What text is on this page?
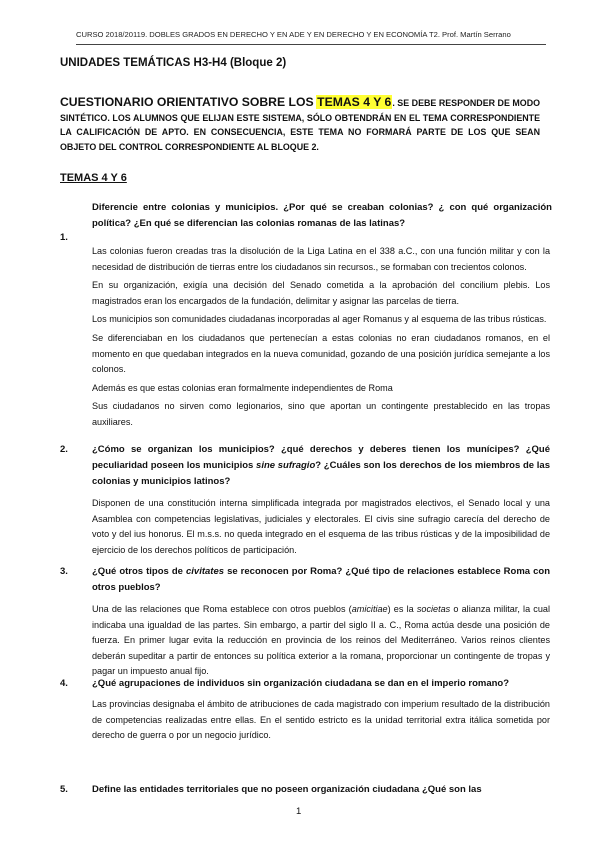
CURSO 2018/20119. DOBLES GRADOS EN DERECHO Y EN ADE Y EN DERECHO Y EN ECONOMÍA T2. Prof. Martín Serrano
UNIDADES TEMÁTICAS H3-H4 (Bloque 2)
CUESTIONARIO ORIENTATIVO SOBRE LOS TEMAS 4 Y 6. SE DEBE RESPONDER DE MODO SINTÉTICO. LOS ALUMNOS QUE ELIJAN ESTE SISTEMA, SÓLO OBTENDRÁN EN EL TEMA CORRESPONDIENTE LA CALIFICACIÓN DE APTO. EN CONSECUENCIA, ESTE TEMA NO FORMARÁ PARTE DE LOS QUE SEAN OBJETO DEL CONTROL CORRESPONDIENTE AL BLOQUE 2.
TEMAS 4 Y 6
Diferencie entre colonias y municipios. ¿Por qué se creaban colonias? ¿ con qué organización política? ¿En qué se diferencian las colonias romanas de las latinas?
1.

Las colonias fueron creadas tras la disolución de la Liga Latina en el 338 a.C., con una función militar y con la necesidad de distribución de tierras entre los ciudadanos sin recursos., se formaban con trecientos colonos.

En su organización, exigía una decisión del Senado cometida a la aprobación del concilium plebis. Los magistrados eran los encargados de la fundación, delimitar y asignar las parcelas de tierra.

Los municipios son comunidades ciudadanas incorporadas al ager Romanus y al esquema de las tribus rústicas.

Se diferenciaban en los ciudadanos que pertenecían a estas colonias no eran ciudadanos romanos, en el momento en que quedaban integrados en la nueva comunidad, gozando de una posición jurídica semejante a los colonos.

Además es que estas colonias eran formalmente independientes de Roma

Sus ciudadanos no sirven como legionarios, sino que aportan un contingente prestablecido en las tropas auxiliares.

2.	¿Cómo se organizan los municipios? ¿qué derechos y deberes tienen los munícipes? ¿Qué peculiaridad poseen los municipios sine sufragio? ¿Cuáles son los derechos de los miembros de las colonias y municipios latinos?
Disponen de una constitución interna simplificada integrada por magistrados electivos, el Senado local y una Asamblea con competencias legislativas, judiciales y electorales. El civis sine sufragio carecía del derecho de voto y del ius honorus. El m.s.s. no queda integrado en el esquema de las tribus rústicas y de la imposibilidad de ejercicio de los derechos políticos de participación.
3.	¿Qué otros tipos de civitates se reconocen por Roma? ¿Qué tipo de relaciones establece Roma con otros pueblos?
Una de las relaciones que Roma establece con otros pueblos (amicitiae) es la societas o alianza militar, la cual indicaba una igualdad de las partes. Sin embargo, a partir del siglo II a. C., Roma actúa desde una posición de fuerza. En primer lugar evita la reducción en provincia de los reinos del Mediterráneo. Varios reinos clientes deberán supeditar a partir de entonces su política exterior a la romana, proporcionar un contingente de tropas y pagar un impuesto anual fijo.
4.	¿Qué agrupaciones de individuos sin organización ciudadana se dan en el imperio romano?
Las provincias designaba el ámbito de atribuciones de cada magistrado con imperium resultado de la distribución de competencias realizadas entre ellas. En el sentido estricto es la unidad territorial extra itálica sometida por derecho de guerra o por un negocio jurídico.
5.	Define las entidades territoriales que no poseen organización ciudadana ¿Qué son las
1
